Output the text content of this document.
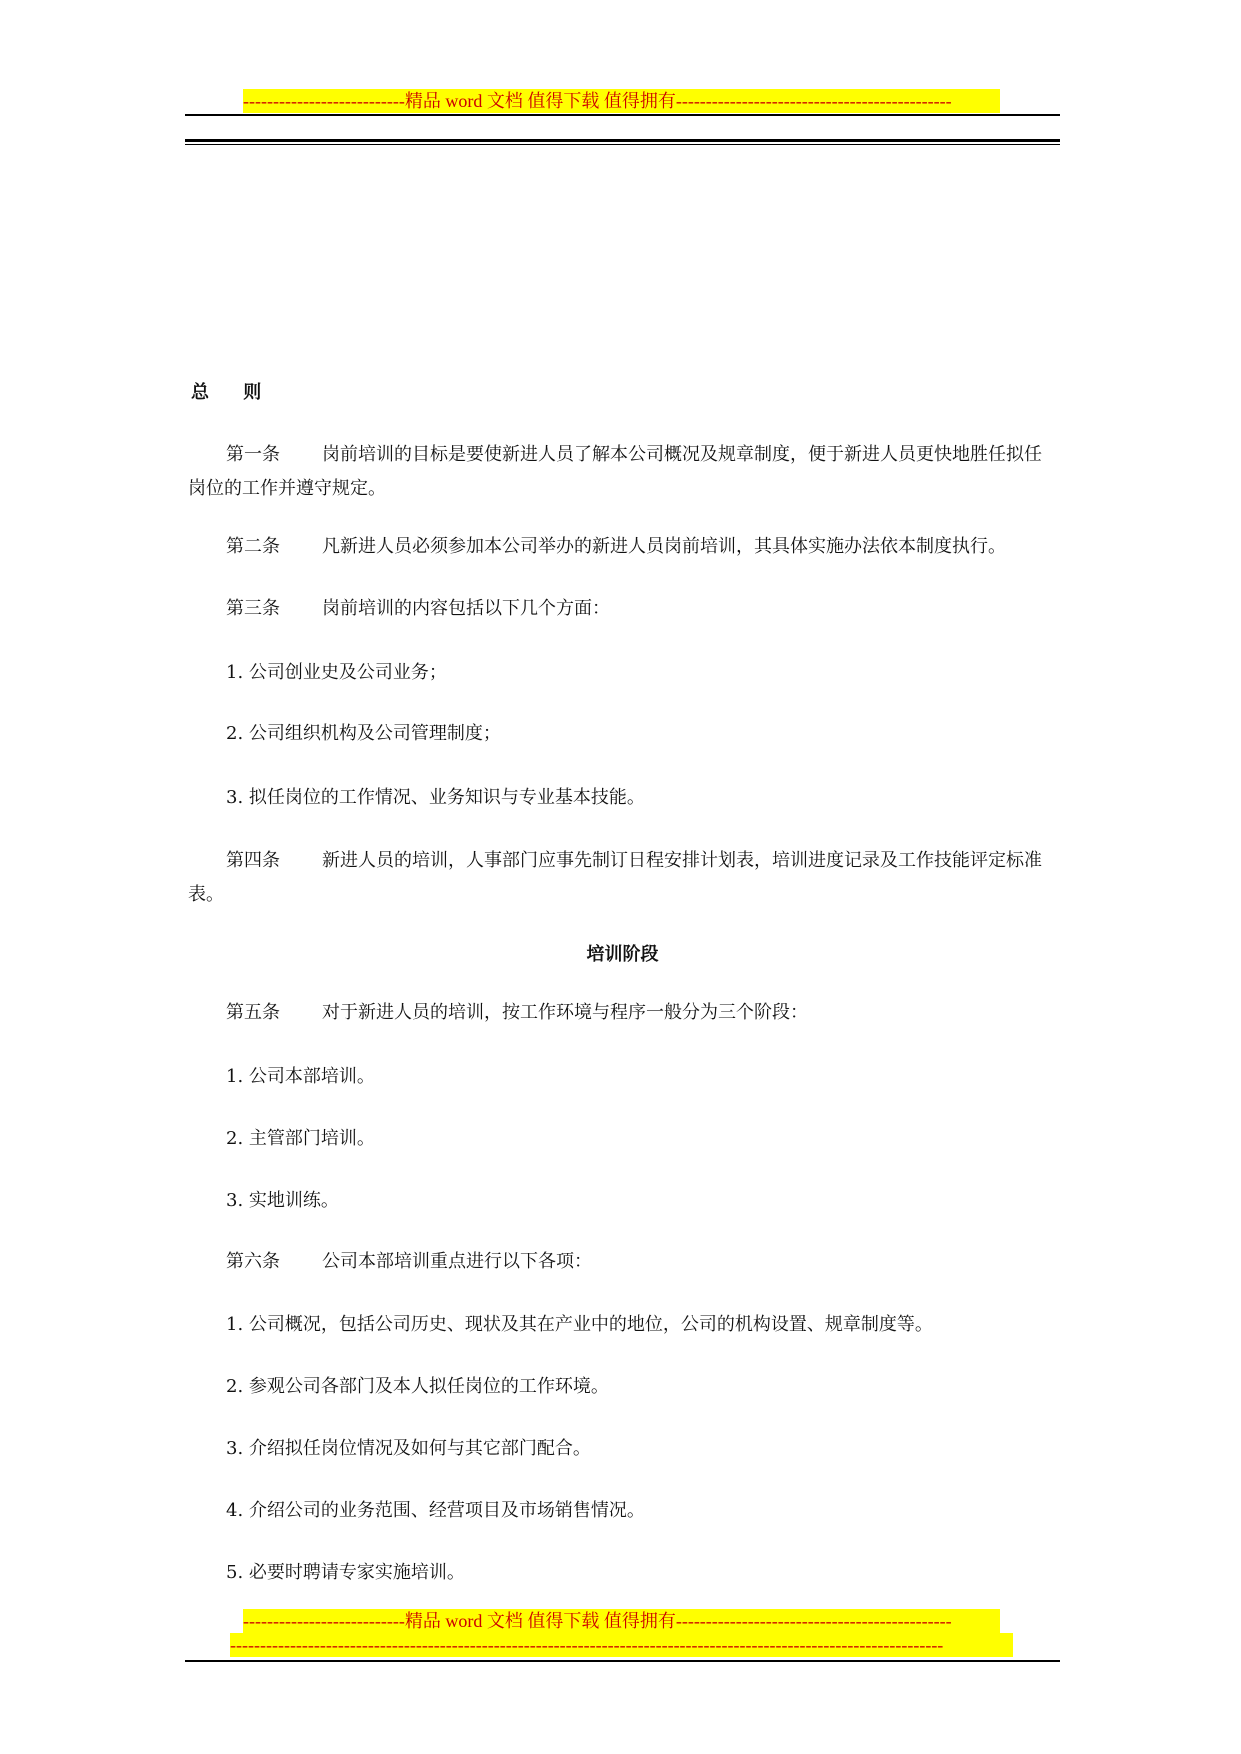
---------------------------精品 word 文档 值得下载 值得拥有----------------------------------------------
总 则
第一条 岗前培训的目标是要使新进人员了解本公司概况及规章制度，便于新进人员更快地胜任拟任
岗位的工作并遵守规定。
第二条 凡新进人员必须参加本公司举办的新进人员岗前培训，其具体实施办法依本制度执行。
第三条 岗前培训的内容包括以下几个方面：
1. 公司创业史及公司业务；
2. 公司组织机构及公司管理制度；
3. 拟任岗位的工作情况、业务知识与专业基本技能。
第四条 新进人员的培训，人事部门应事先制订日程安排计划表，培训进度记录及工作技能评定标准
表。
培训阶段
第五条 对于新进人员的培训，按工作环境与程序一般分为三个阶段：
1. 公司本部培训。
2. 主管部门培训。
3. 实地训练。
第六条 公司本部培训重点进行以下各项：
1. 公司概况，包括公司历史、现状及其在产业中的地位，公司的机构设置、规章制度等。
2. 参观公司各部门及本人拟任岗位的工作环境。
3. 介绍拟任岗位情况及如何与其它部门配合。
4. 介绍公司的业务范围、经营项目及市场销售情况。
5. 必要时聘请专家实施培训。
---------------------------精品 word 文档 值得下载 值得拥有----------------------------------------------
-----------------------------------------------------------------------------------------------------------------------
